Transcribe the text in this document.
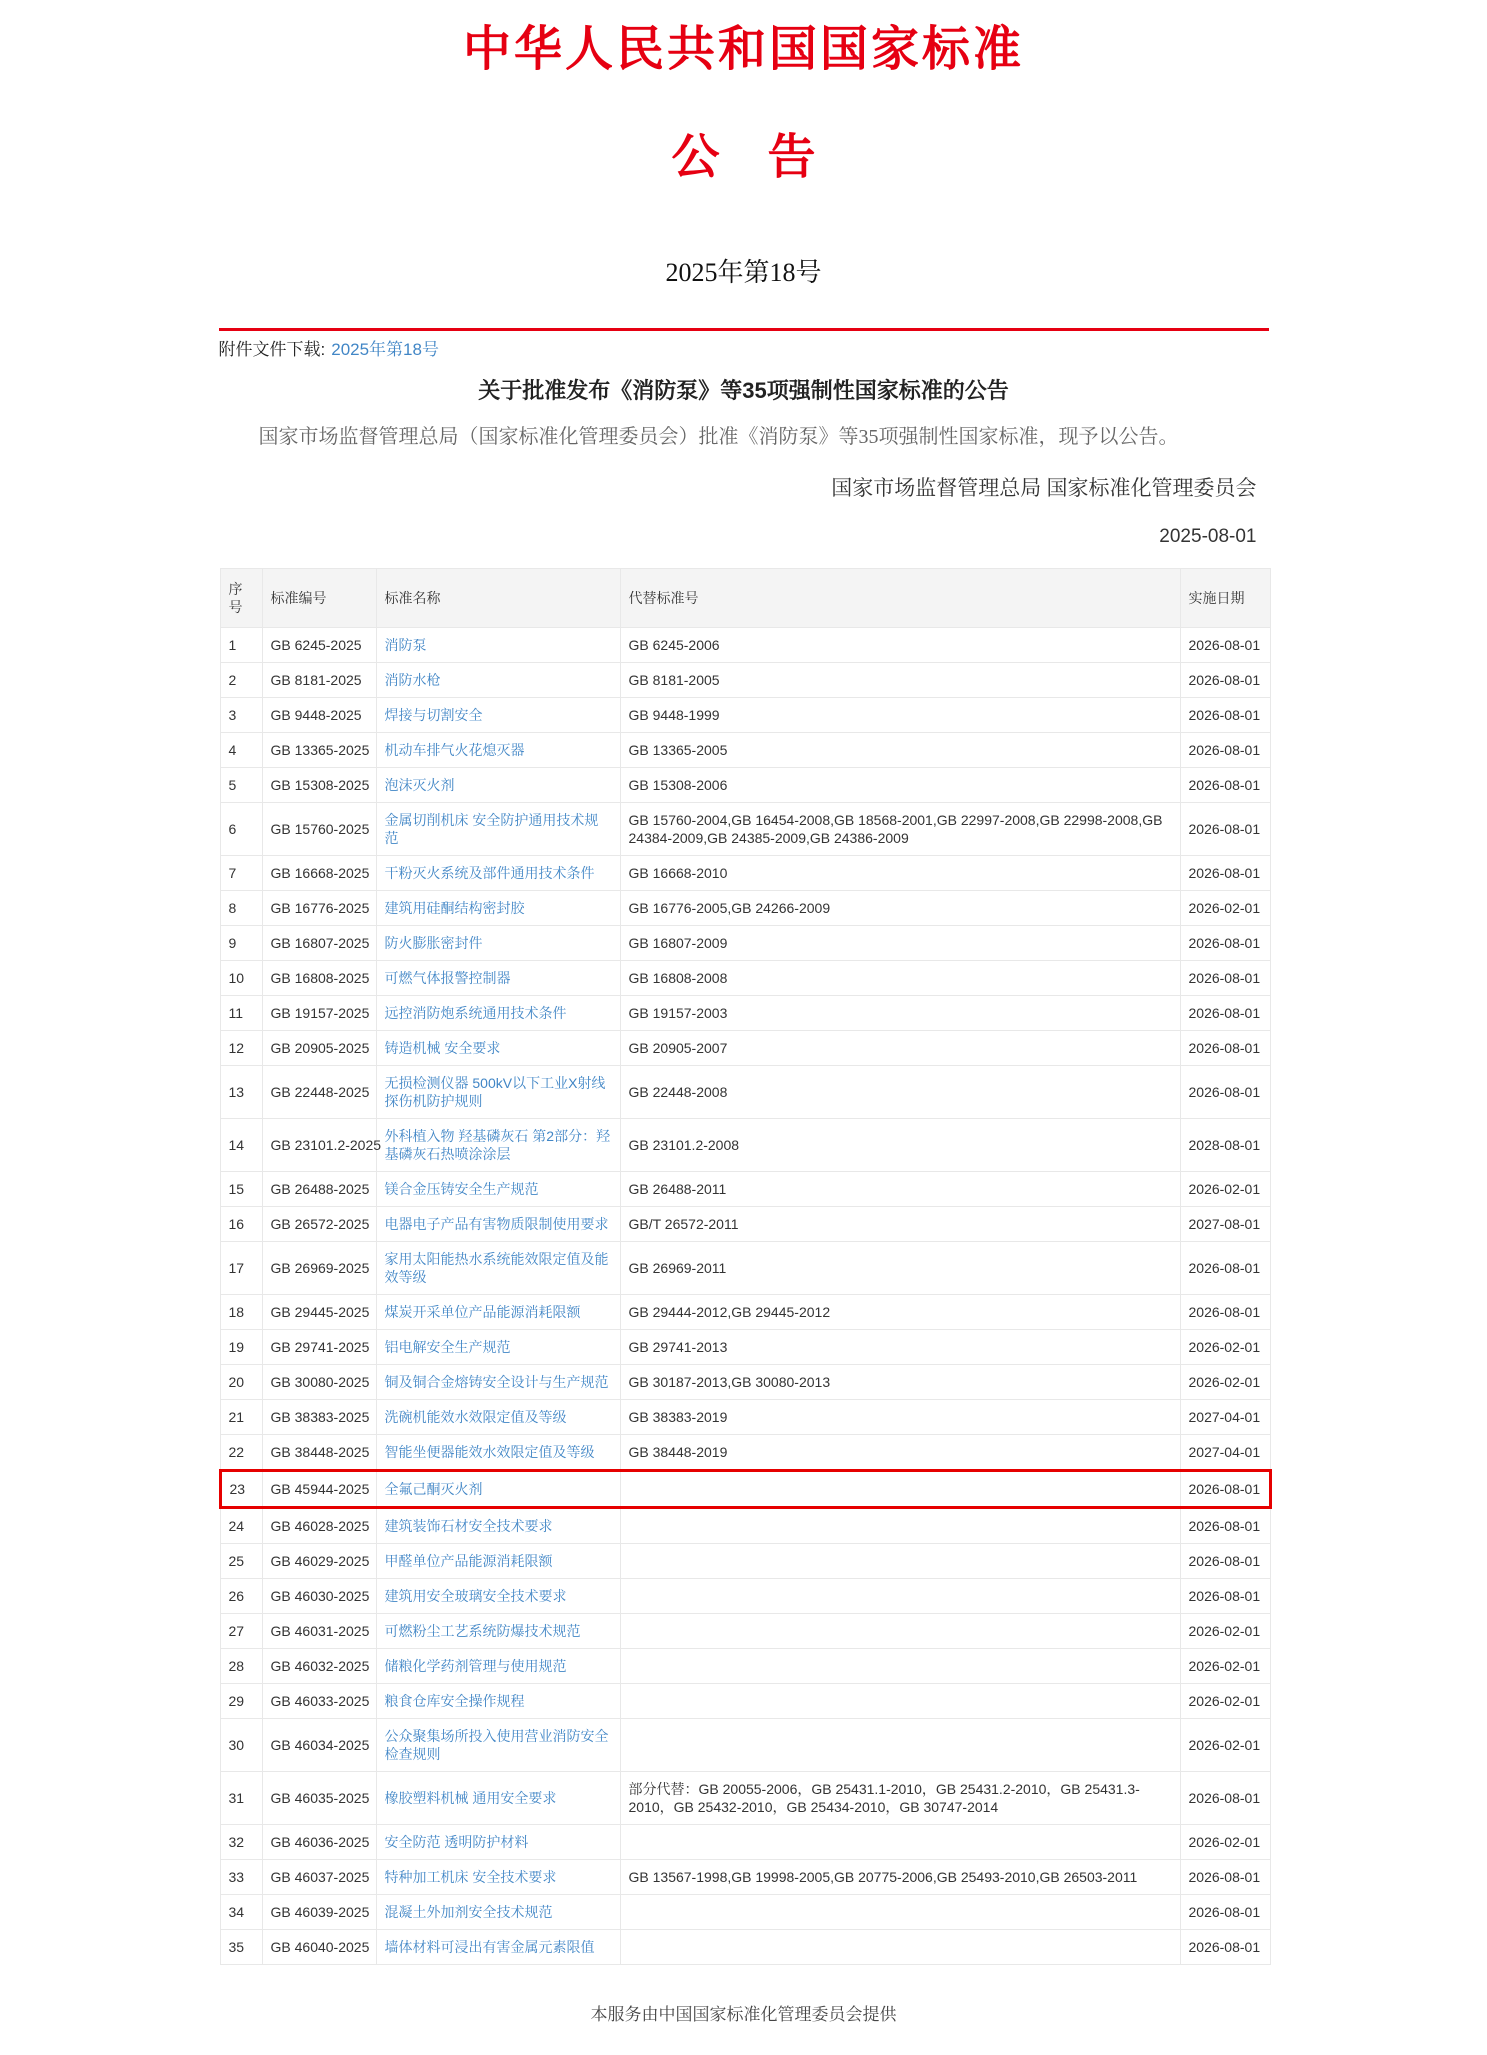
中华人民共和国国家标准
公　告
2025年第18号
附件文件下载: 2025年第18号
关于批准发布《消防泵》等35项强制性国家标准的公告

国家市场监督管理总局（国家标准化管理委员会）批准《消防泵》等35项强制性国家标准，现予以公告。

国家市场监督管理总局 国家标准化管理委员会
2025-08-01
序号	标准编号	标准名称	代替标准号	实施日期
1	GB 6245-2025	消防泵	GB 6245-2006	2026-08-01
2	GB 8181-2025	消防水枪	GB 8181-2005	2026-08-01
3	GB 9448-2025	焊接与切割安全	GB 9448-1999	2026-08-01
4	GB 13365-2025	机动车排气火花熄灭器	GB 13365-2005	2026-08-01
5	GB 15308-2025	泡沫灭火剂	GB 15308-2006	2026-08-01
6	GB 15760-2025	金属切削机床 安全防护通用技术规范	GB 15760-2004,GB 16454-2008,GB 18568-2001,GB 22997-2008,GB 22998-2008,GB 24384-2009,GB 24385-2009,GB 24386-2009	2026-08-01
7	GB 16668-2025	干粉灭火系统及部件通用技术条件	GB 16668-2010	2026-08-01
8	GB 16776-2025	建筑用硅酮结构密封胶	GB 16776-2005,GB 24266-2009	2026-02-01
9	GB 16807-2025	防火膨胀密封件	GB 16807-2009	2026-08-01
10	GB 16808-2025	可燃气体报警控制器	GB 16808-2008	2026-08-01
11	GB 19157-2025	远控消防炮系统通用技术条件	GB 19157-2003	2026-08-01
12	GB 20905-2025	铸造机械 安全要求	GB 20905-2007	2026-08-01
13	GB 22448-2025	无损检测仪器 500kV以下工业X射线探伤机防护规则	GB 22448-2008	2026-08-01
14	GB 23101.2-2025	外科植入物 羟基磷灰石 第2部分：羟基磷灰石热喷涂涂层	GB 23101.2-2008	2028-08-01
15	GB 26488-2025	镁合金压铸安全生产规范	GB 26488-2011	2026-02-01
16	GB 26572-2025	电器电子产品有害物质限制使用要求	GB/T 26572-2011	2027-08-01
17	GB 26969-2025	家用太阳能热水系统能效限定值及能效等级	GB 26969-2011	2026-08-01
18	GB 29445-2025	煤炭开采单位产品能源消耗限额	GB 29444-2012,GB 29445-2012	2026-08-01
19	GB 29741-2025	铝电解安全生产规范	GB 29741-2013	2026-02-01
20	GB 30080-2025	铜及铜合金熔铸安全设计与生产规范	GB 30187-2013,GB 30080-2013	2026-02-01
21	GB 38383-2025	洗碗机能效水效限定值及等级	GB 38383-2019	2027-04-01
22	GB 38448-2025	智能坐便器能效水效限定值及等级	GB 38448-2019	2027-04-01
23	GB 45944-2025	全氟己酮灭火剂		2026-08-01
24	GB 46028-2025	建筑装饰石材安全技术要求		2026-08-01
25	GB 46029-2025	甲醛单位产品能源消耗限额		2026-08-01
26	GB 46030-2025	建筑用安全玻璃安全技术要求		2026-08-01
27	GB 46031-2025	可燃粉尘工艺系统防爆技术规范		2026-02-01
28	GB 46032-2025	储粮化学药剂管理与使用规范		2026-02-01
29	GB 46033-2025	粮食仓库安全操作规程		2026-02-01
30	GB 46034-2025	公众聚集场所投入使用营业消防安全检查规则		2026-02-01
31	GB 46035-2025	橡胶塑料机械 通用安全要求	部分代替：GB 20055-2006，GB 25431.1-2010，GB 25431.2-2010，GB 25431.3-2010，GB 25432-2010，GB 25434-2010，GB 30747-2014	2026-08-01
32	GB 46036-2025	安全防范 透明防护材料		2026-02-01
33	GB 46037-2025	特种加工机床 安全技术要求	GB 13567-1998,GB 19998-2005,GB 20775-2006,GB 25493-2010,GB 26503-2011	2026-08-01
34	GB 46039-2025	混凝土外加剂安全技术规范		2026-08-01
35	GB 46040-2025	墙体材料可浸出有害金属元素限值		2026-08-01
本服务由中国国家标准化管理委员会提供
